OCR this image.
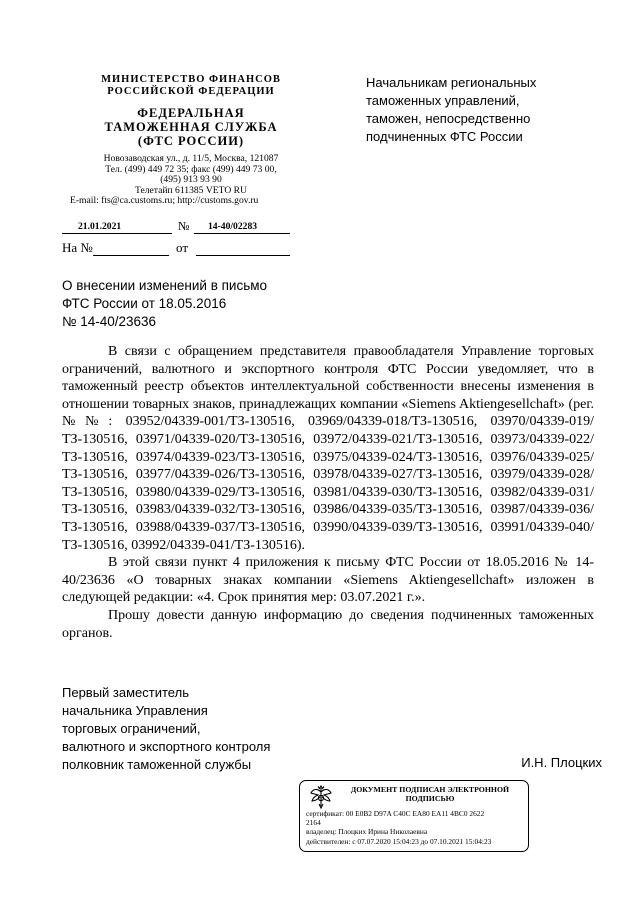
МИНИСТЕРСТВО ФИНАНСОВ
РОССИЙСКОЙ ФЕДЕРАЦИИ
ФЕДЕРАЛЬНАЯ
ТАМОЖЕННАЯ СЛУЖБА
(ФТС РОССИИ)
Новозаводская ул., д. 11/5, Москва, 121087
Тел. (499) 449 72 35; факс (499) 449 73 00,
(495) 913 93 90
Телетайп 611385 VETO RU
E-mail: fts@ca.customs.ru; http://customs.gov.ru
21.01.2021	№ 14-40/02283
На №	от
Начальникам региональных
таможенных управлений,
таможен, непосредственно
подчиненных ФТС России
О внесении изменений в письмо
ФТС России от 18.05.2016
№ 14-40/23636

В связи с обращением представителя правообладателя Управление торговых ограничений, валютного и экспортного контроля ФТС России уведомляет, что в таможенный реестр объектов интеллектуальной собственности внесены изменения в отношении товарных знаков, принадлежащих компании «Siemens Aktiengesellchaft» (рег. №№: 03952/04339-001/ТЗ-130516, 03969/04339-018/ТЗ-130516, 03970/04339-019/ТЗ-130516, 03971/04339-020/ТЗ-130516, 03972/04339-021/ТЗ-130516, 03973/04339-022/ТЗ-130516, 03974/04339-023/ТЗ-130516, 03975/04339-024/ТЗ-130516, 03976/04339-025/ТЗ-130516, 03977/04339-026/ТЗ-130516, 03978/04339-027/ТЗ-130516, 03979/04339-028/ТЗ-130516, 03980/04339-029/ТЗ-130516, 03981/04339-030/ТЗ-130516, 03982/04339-031/ТЗ-130516, 03983/04339-032/ТЗ-130516, 03986/04339-035/ТЗ-130516, 03987/04339-036/ТЗ-130516, 03988/04339-037/ТЗ-130516, 03990/04339-039/ТЗ-130516, 03991/04339-040/ТЗ-130516, 03992/04339-041/ТЗ-130516).

В этой связи пункт 4 приложения к письму ФТС России от 18.05.2016 № 14-40/23636 «О товарных знаках компании «Siemens Aktiengesellchaft» изложен в следующей редакции: «4. Срок принятия мер: 03.07.2021 г.».

Прошу довести данную информацию до сведения подчиненных таможенных органов.

Первый заместитель
начальника Управления
торговых ограничений,
валютного и экспортного контроля
полковник таможенной службы	И.Н. Плоцких
ДОКУМЕНТ ПОДПИСАН ЭЛЕКТРОННОЙ
ПОДПИСЬЮ
сертификат: 00 E0B2 D97A C40C EA80 EA11 4BC0 2622
2164
владелец: Плоцких Ирина Николаевна
действителен: с 07.07.2020 15:04:23 до 07.10.2021 15:04:23
